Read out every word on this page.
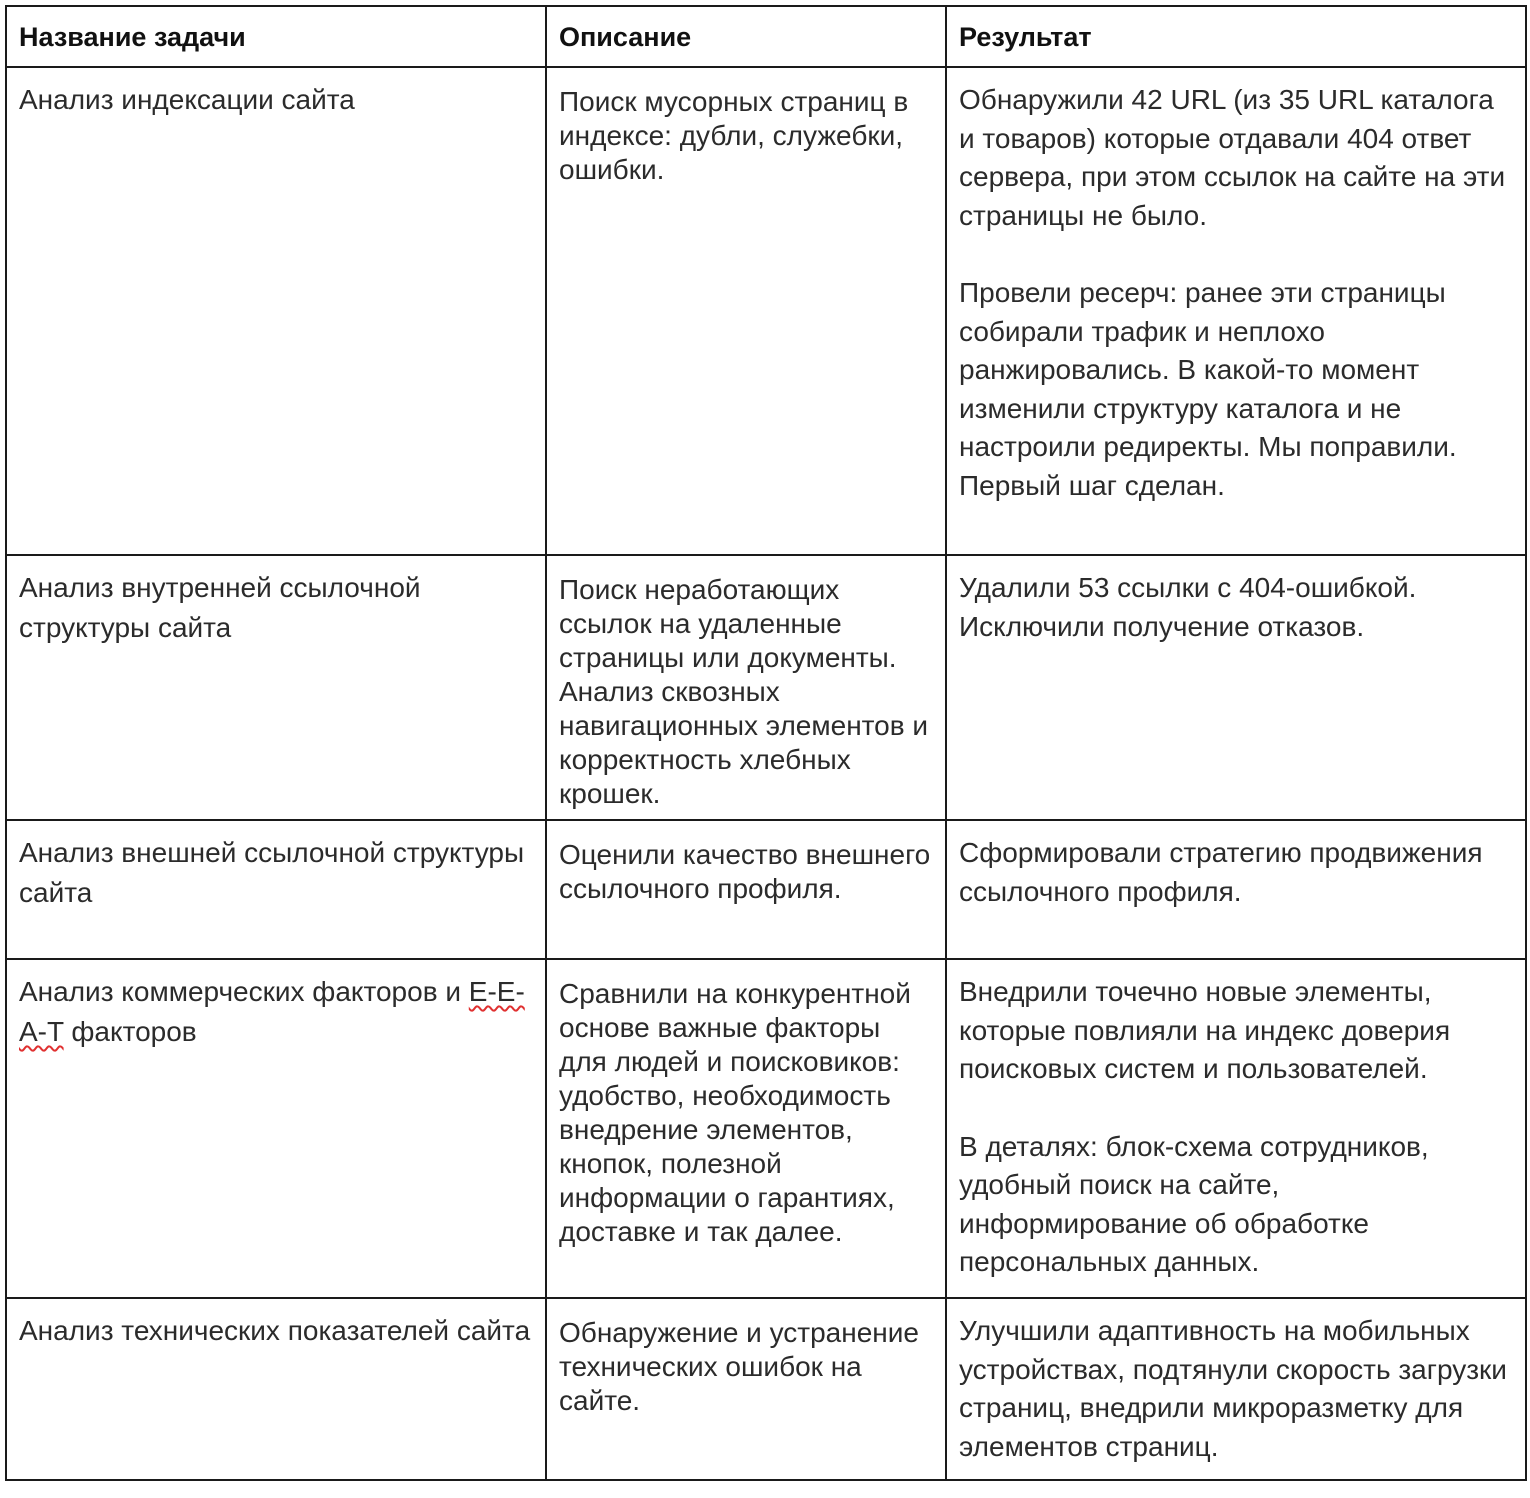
Название задачи	Описание	Результат
Анализ индексации сайта	Поиск мусорных страниц в индексе: дубли, служебки, ошибки.	Обнаружили 42 URL (из 35 URL каталога и товаров) которые отдавали 404 ответ сервера, при этом ссылок на сайте на эти страницы не было.
Провели ресерч: ранее эти страницы собирали трафик и неплохо ранжировались. В какой-то момент изменили структуру каталога и не настроили редиректы. Мы поправили. Первый шаг сделан.

Анализ внутренней ссылочной структуры сайта	Поиск неработающих ссылок на удаленные страницы или документы. Анализ сквозных навигационных элементов и корректность хлебных крошек.	Удалили 53 ссылки с 404-ошибкой. Исключили получение отказов.

Анализ внешней ссылочной структуры сайта	Оценили качество внешнего ссылочного профиля.	Сформировали стратегию продвижения ссылочного профиля.

Анализ коммерческих факторов и E-E-A-T факторов	Сравнили на конкурентной основе важные факторы для людей и поисковиков: удобство, необходимость внедрение элементов, кнопок, полезной информации о гарантиях, доставке и так далее.	Внедрили точечно новые элементы, которые повлияли на индекс доверия поисковых систем и пользователей.
В деталях: блок-схема сотрудников, удобный поиск на сайте, информирование об обработке персональных данных.

Анализ технических показателей сайта	Обнаружение и устранение технических ошибок на сайте.	Улучшили адаптивность на мобильных устройствах, подтянули скорость загрузки страниц, внедрили микроразметку для элементов страниц.
